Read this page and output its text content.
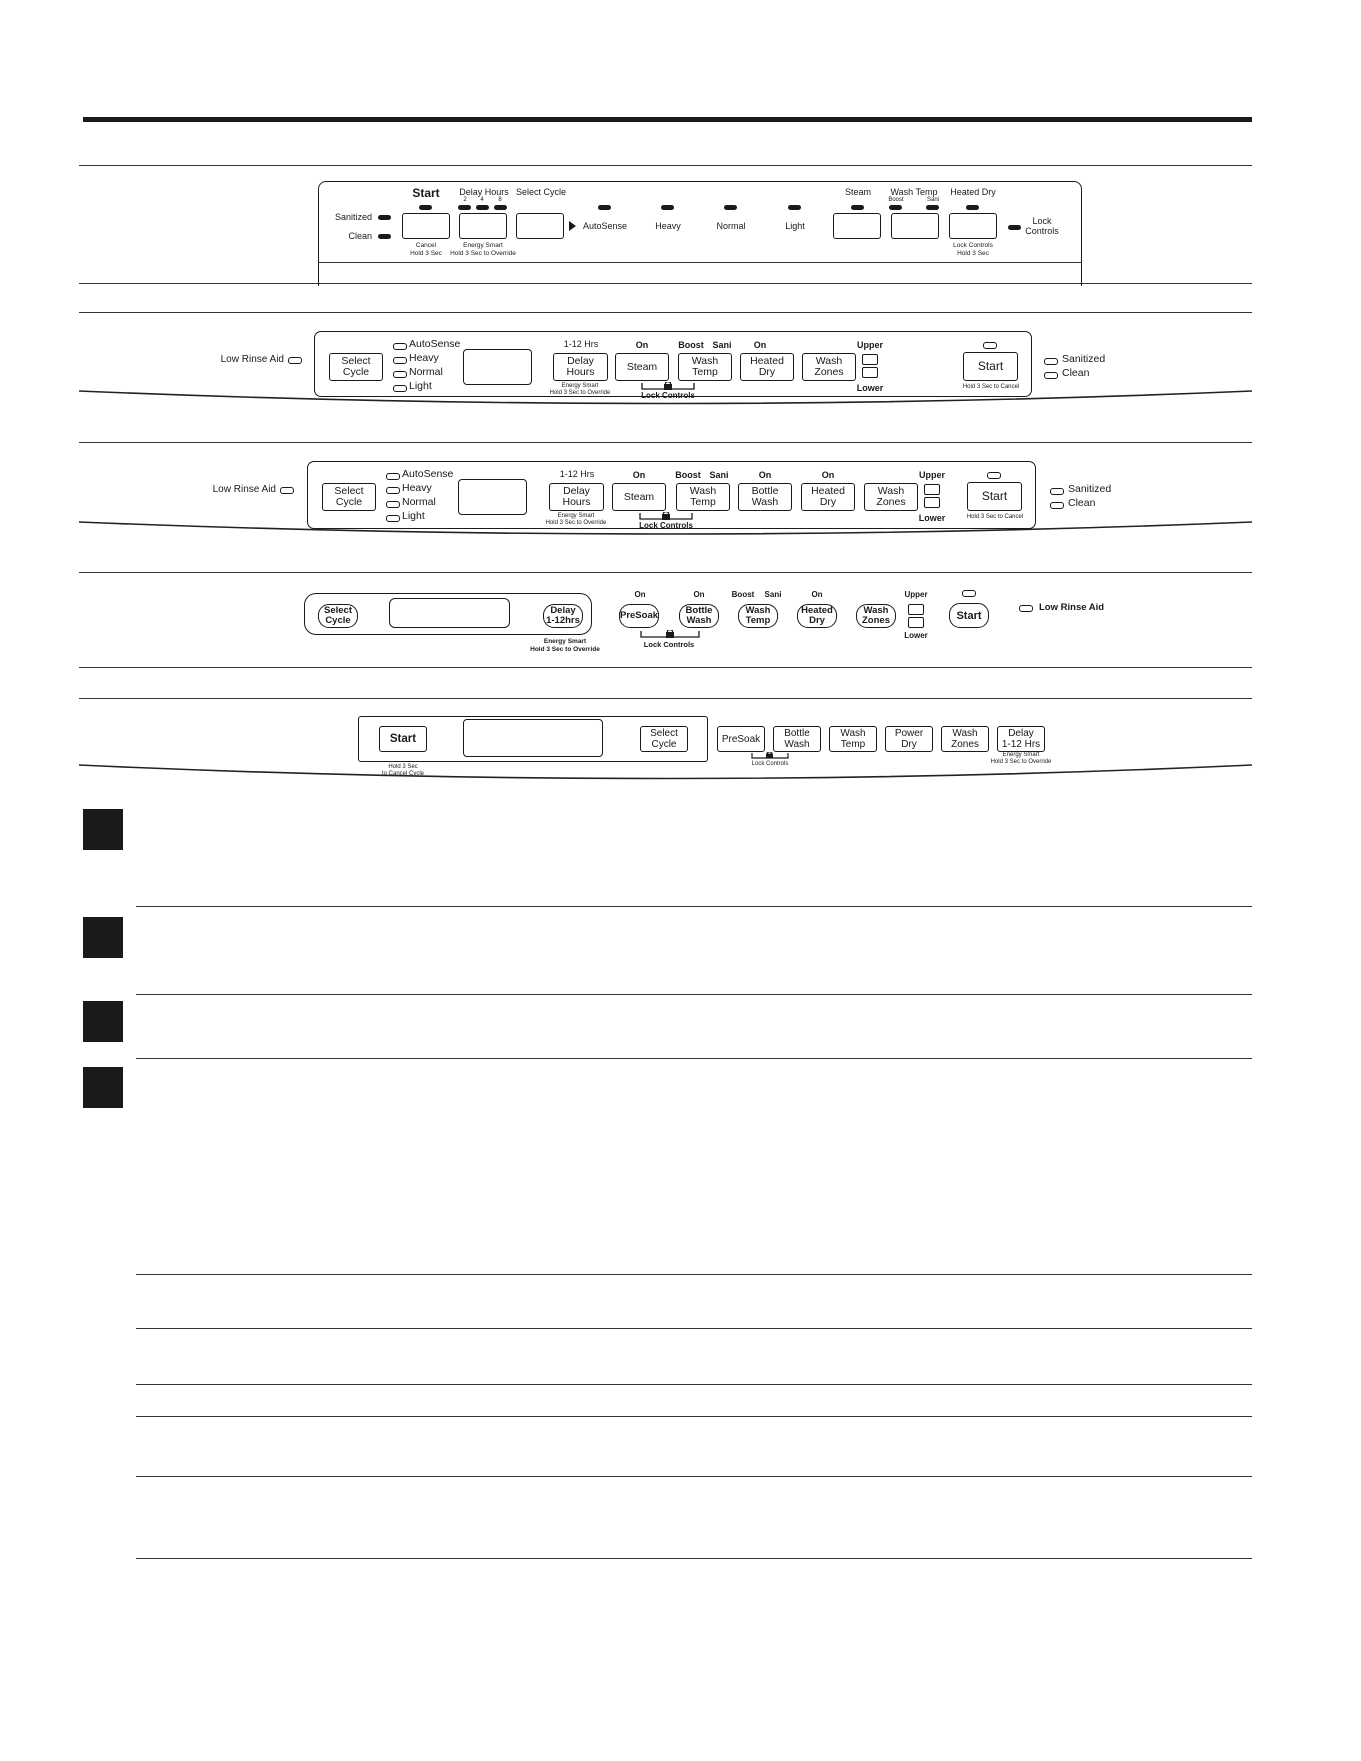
Sanitized
Clean
Start
Cancel
Hold 3 Sec
Delay Hours
2	4	8
Energy Smart
Hold 3 Sec to Override
Select Cycle
AutoSense	Heavy	Normal	Light
Steam	Wash Temp
Boost	Sani
Heated Dry
Lock Controls
Hold 3 Sec
Lock
Controls
Low Rinse Aid	Select
Cycle
AutoSense
Heavy
Normal
Light
1-12 Hrs
Delay
Hours
Energy Smart
Hold 3 Sec to Override
On
Steam
Boost Sani
Wash
Temp
Lock Controls
On
Heated
Dry
Wash
Zones
Upper
Lower
Start
Hold 3 Sec to Cancel
Sanitized
Clean
Low Rinse Aid	Select
Cycle
AutoSense
Heavy
Normal
Light
1-12 Hrs
Delay
Hours
Energy Smart
Hold 3 Sec to Override
On
Steam
Boost Sani
Wash
Temp
Lock Controls
On
Bottle
Wash
On
Heated
Dry
Wash
Zones
Upper
Lower
Start
Hold 3 Sec to Cancel
Sanitized
Clean
Select
Cycle
Delay
1-12hrs
Energy Smart
Hold 3 Sec to Override
On
PreSoak
On
Bottle
Wash
Lock Controls
Boost	Sani
Wash
Temp
On
Heated
Dry
Wash
Zones
Upper
Lower
Start
Low Rinse Aid
Start
Hold 3 Sec
to Cancel Cycle
Select
Cycle	PreSoak Bottle
Wash
Lock Controls
Wash
Temp
Power
Dry
Wash
Zones
Delay
1-12 Hrs
Energy Smart
Hold 3 Sec to Override
